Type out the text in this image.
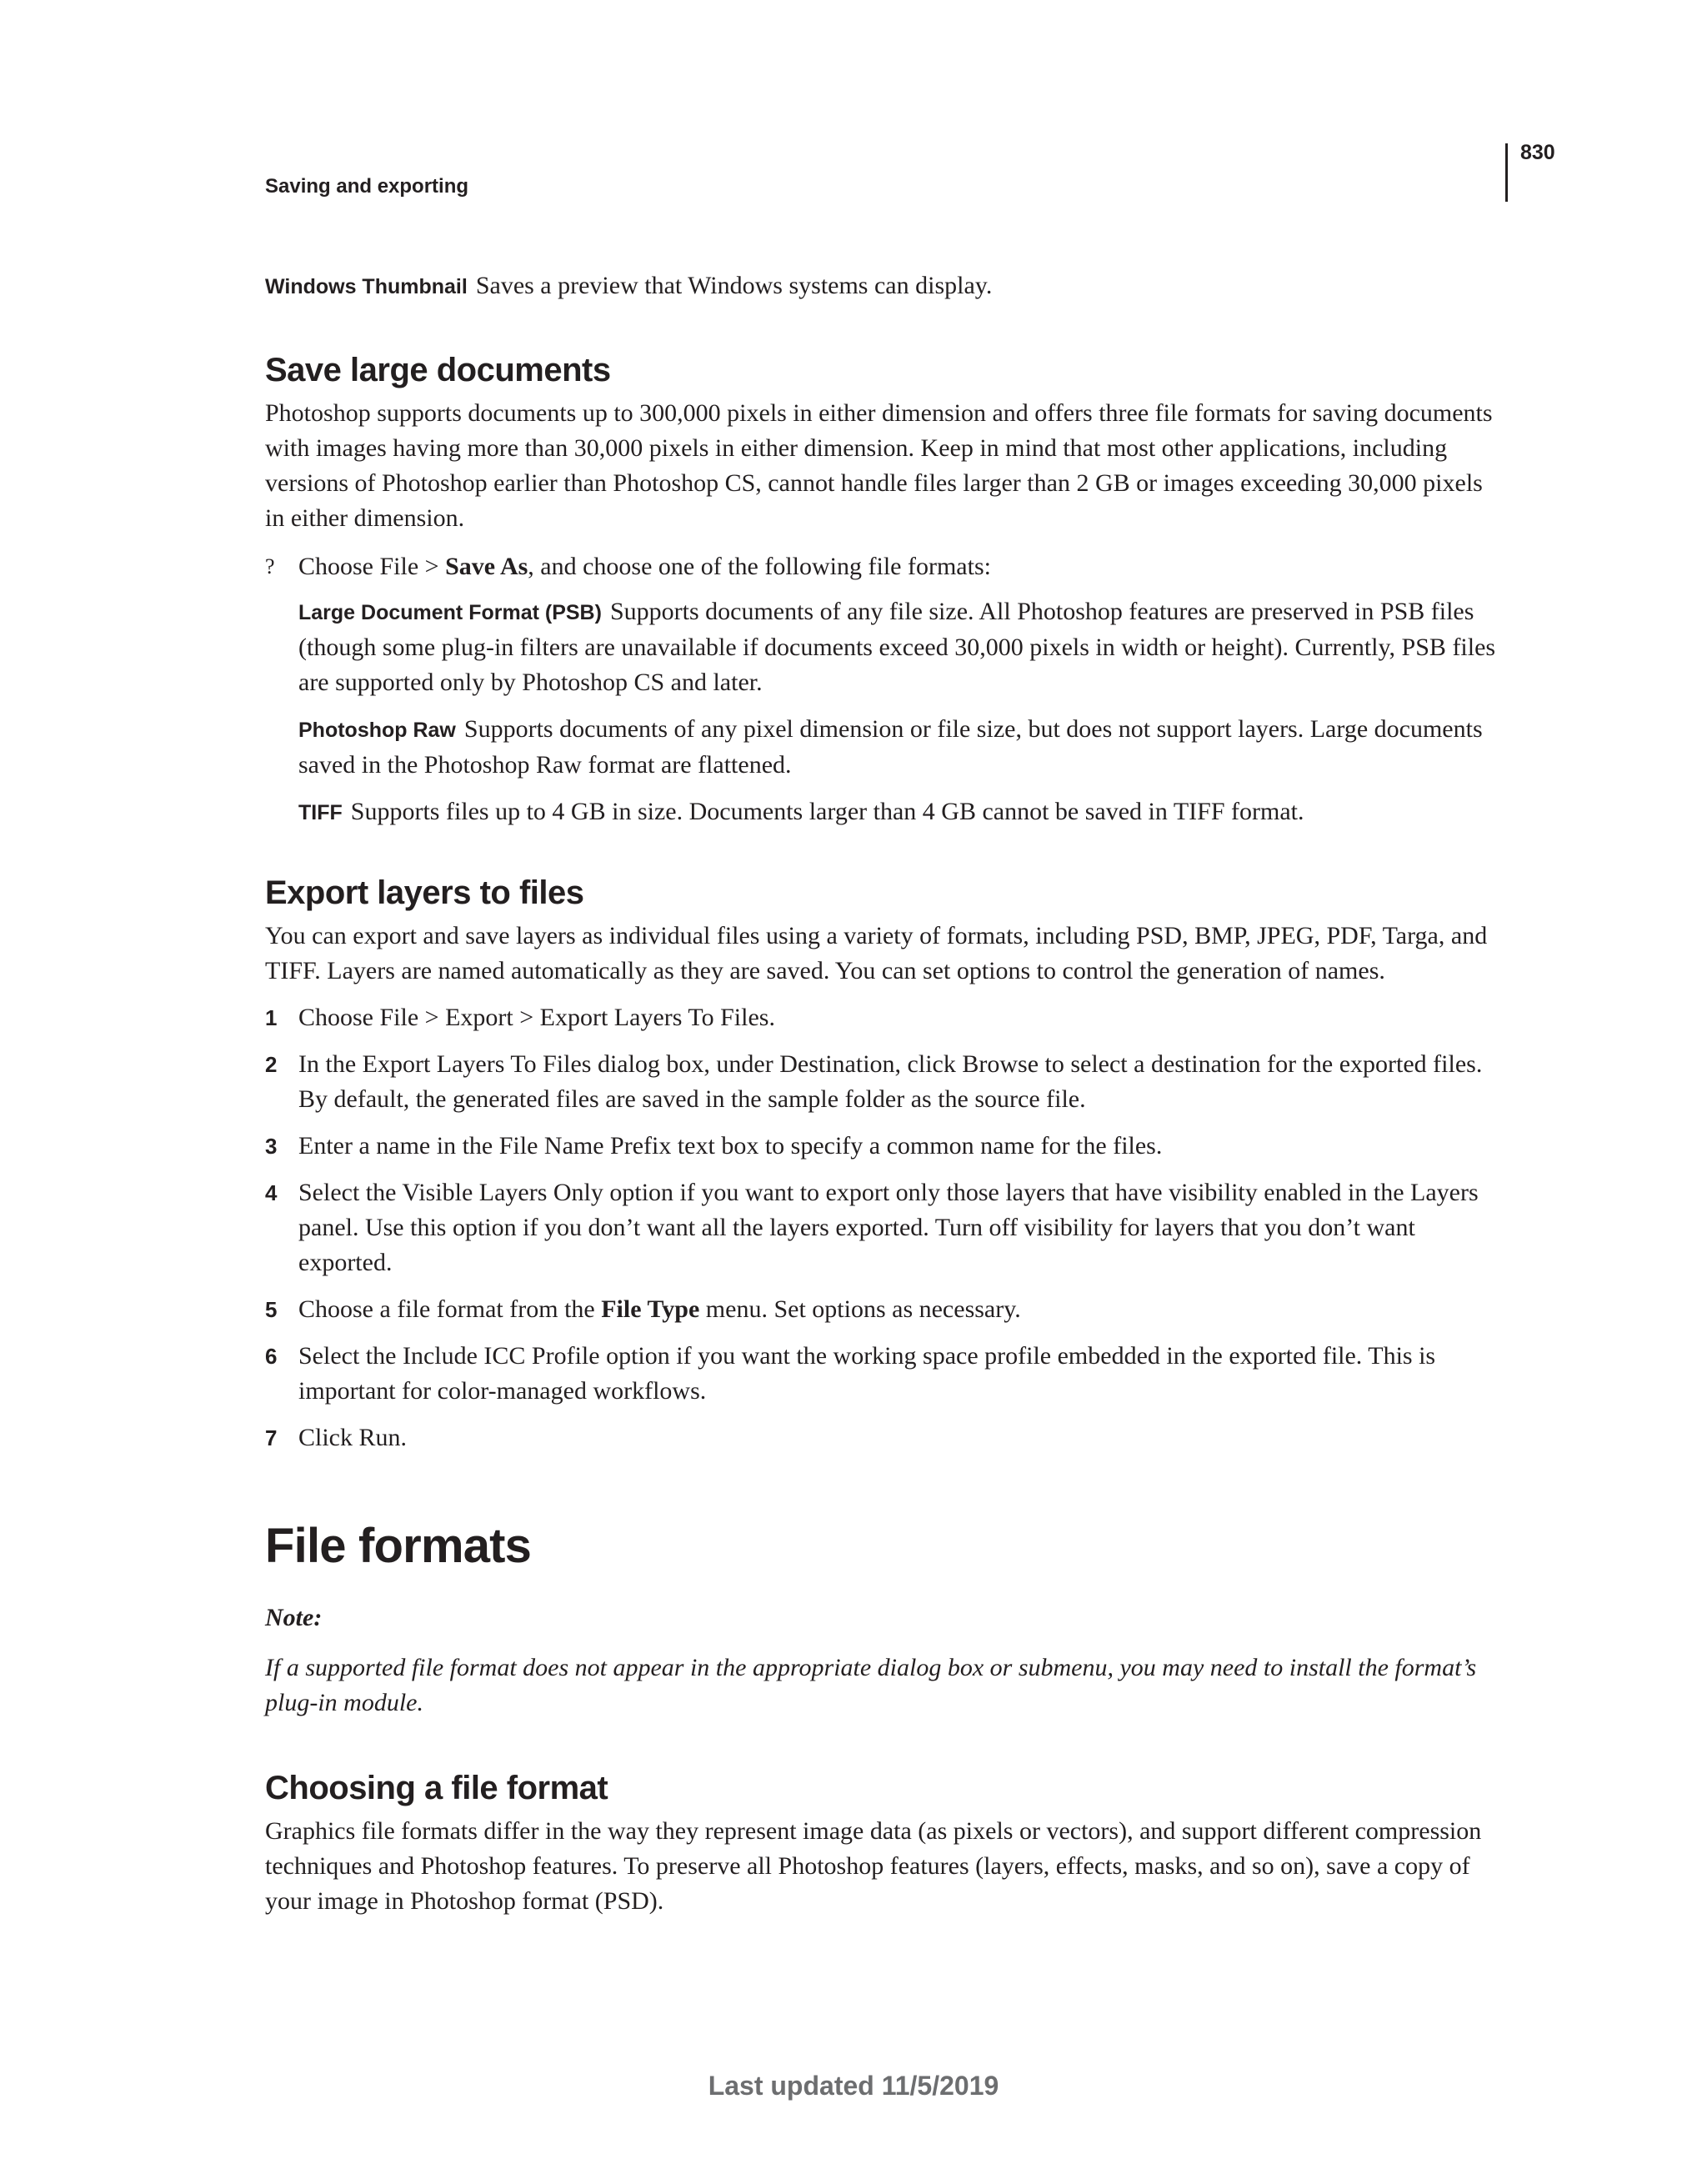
830
Saving and exporting

Windows Thumbnail Saves a preview that Windows systems can display.

Save large documents

Photoshop supports documents up to 300,000 pixels in either dimension and offers three file formats for saving documents with images having more than 30,000 pixels in either dimension. Keep in mind that most other applications, including versions of Photoshop earlier than Photoshop CS, cannot handle files larger than 2 GB or images exceeding 30,000 pixels in either dimension.

? Choose File > Save As, and choose one of the following file formats:

Large Document Format (PSB) Supports documents of any file size. All Photoshop features are preserved in PSB files (though some plug-in filters are unavailable if documents exceed 30,000 pixels in width or height). Currently, PSB files are supported only by Photoshop CS and later.

Photoshop Raw Supports documents of any pixel dimension or file size, but does not support layers. Large documents saved in the Photoshop Raw format are flattened.

TIFF Supports files up to 4 GB in size. Documents larger than 4 GB cannot be saved in TIFF format.

Export layers to files

You can export and save layers as individual files using a variety of formats, including PSD, BMP, JPEG, PDF, Targa, and TIFF. Layers are named automatically as they are saved. You can set options to control the generation of names.

1 Choose File > Export > Export Layers To Files.
2 In the Export Layers To Files dialog box, under Destination, click Browse to select a destination for the exported files. By default, the generated files are saved in the sample folder as the source file.
3 Enter a name in the File Name Prefix text box to specify a common name for the files.
4 Select the Visible Layers Only option if you want to export only those layers that have visibility enabled in the Layers panel. Use this option if you don’t want all the layers exported. Turn off visibility for layers that you don’t want exported.
5 Choose a file format from the File Type menu. Set options as necessary.
6 Select the Include ICC Profile option if you want the working space profile embedded in the exported file. This is important for color-managed workflows.
7 Click Run.
File formats

Note:

If a supported file format does not appear in the appropriate dialog box or submenu, you may need to install the format’s plug-in module.

Choosing a file format

Graphics file formats differ in the way they represent image data (as pixels or vectors), and support different compression techniques and Photoshop features. To preserve all Photoshop features (layers, effects, masks, and so on), save a copy of your image in Photoshop format (PSD).

Last updated 11/5/2019
